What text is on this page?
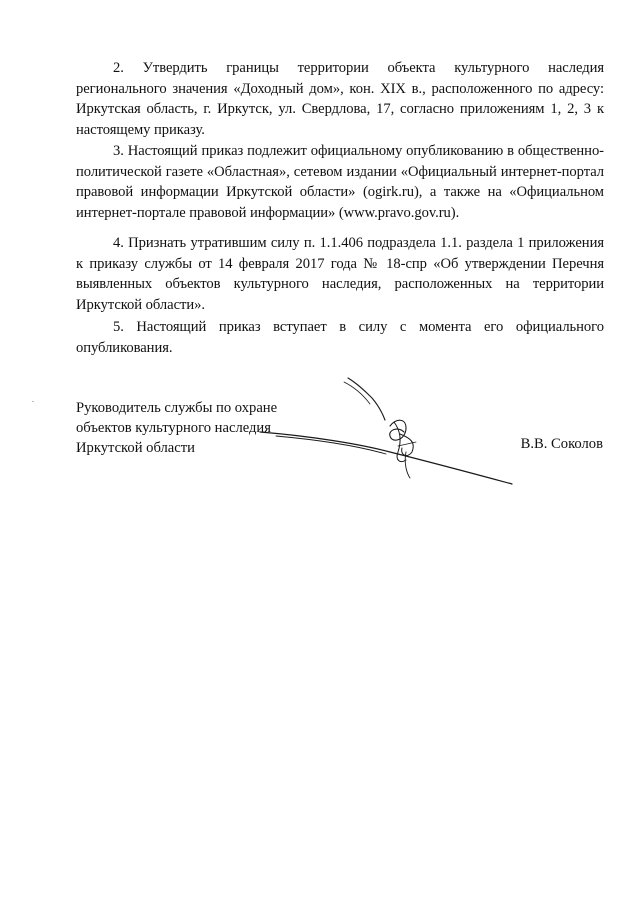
2. Утвердить границы территории объекта культурного наследия регионального значения «Доходный дом», кон. XIX в., расположенного по адресу: Иркутская область, г. Иркутск, ул. Свердлова, 17, согласно приложениям 1, 2, 3 к настоящему приказу.

3. Настоящий приказ подлежит официальному опубликованию в общественно-политической газете «Областная», сетевом издании «Официальный интернет-портал правовой информации Иркутской области» (ogirk.ru), а также на «Официальном интернет-портале правовой информации» (www.pravo.gov.ru).

4. Признать утратившим силу п. 1.1.406 подраздела 1.1. раздела 1 приложения к приказу службы от 14 февраля 2017 года № 18-спр «Об утверждении Перечня выявленных объектов культурного наследия, расположенных на территории Иркутской области».

5. Настоящий приказ вступает в силу с момента его официального опубликования.

Руководитель службы по охране
объектов культурного наследия
Иркутской области	В.В. Соколов
